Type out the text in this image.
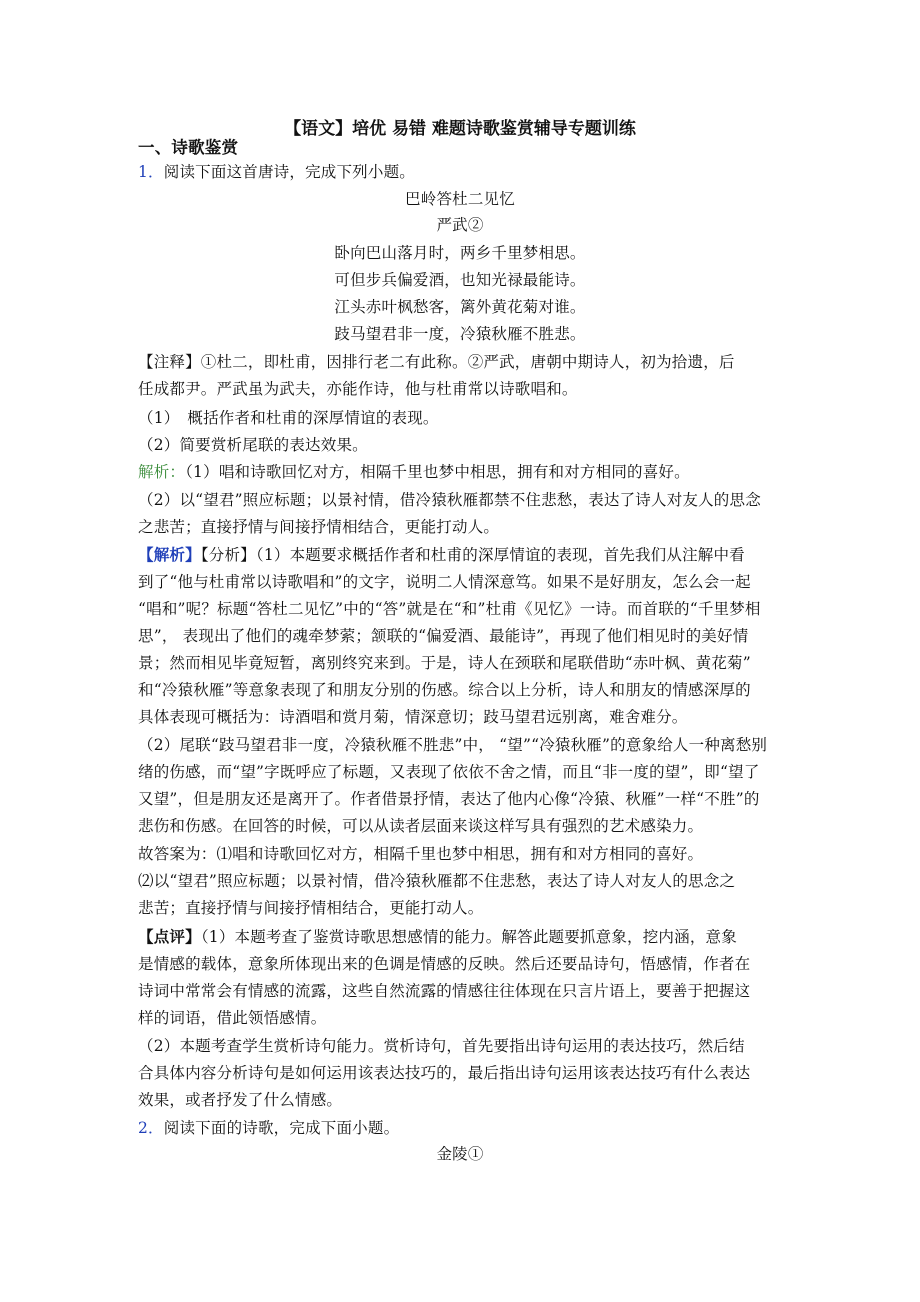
【语文】培优 易错 难题诗歌鉴赏辅导专题训练
一、诗歌鉴赏
1．阅读下面这首唐诗，完成下列小题。
巴岭答杜二见忆
严武②
卧向巴山落月时，两乡千里梦相思。
可但步兵偏爱酒，也知光禄最能诗。
江头赤叶枫愁客，篱外黄花菊对谁。
跂马望君非一度，冷猿秋雁不胜悲。
【注释】①杜二，即杜甫，因排行老二有此称。②严武，唐朝中期诗人，初为拾遗，后
任成都尹。严武虽为武夫，亦能作诗，他与杜甫常以诗歌唱和。
（1）　概括作者和杜甫的深厚情谊的表现。
（2）简要赏析尾联的表达效果。
解析：（1）唱和诗歌回忆对方，相隔千里也梦中相思，拥有和对方相同的喜好。
（2）以“望君”照应标题；以景衬情，借冷猿秋雁都禁不住悲愁，表达了诗人对友人的思念
之悲苦；直接抒情与间接抒情相结合，更能打动人。
【解析】【分析】（1）本题要求概括作者和杜甫的深厚情谊的表现，首先我们从注解中看
到了“他与杜甫常以诗歌唱和”的文字，说明二人情深意笃。如果不是好朋友，怎么会一起
“唱和”呢？标题“答杜二见忆”中的“答”就是在“和”杜甫《见忆》一诗。而首联的“千里梦相
思”， 表现出了他们的魂牵梦萦；颔联的“偏爱酒、最能诗”，再现了他们相见时的美好情
景；然而相见毕竟短暂，离别终究来到。于是，诗人在颈联和尾联借助“赤叶枫、黄花菊”
和“冷猿秋雁”等意象表现了和朋友分别的伤感。综合以上分析，诗人和朋友的情感深厚的
具体表现可概括为：诗酒唱和赏月菊，情深意切；跂马望君远别离，难舍难分。
（2）尾联“跂马望君非一度，冷猿秋雁不胜悲”中， “望”“冷猿秋雁”的意象给人一种离愁别
绪的伤感，而“望”字既呼应了标题，又表现了依依不舍之情，而且“非一度的望”，即“望了
又望”，但是朋友还是离开了。作者借景抒情，表达了他内心像“冷猿、秋雁”一样“不胜”的
悲伤和伤感。在回答的时候，可以从读者层面来谈这样写具有强烈的艺术感染力。
故答案为：⑴唱和诗歌回忆对方，相隔千里也梦中相思，拥有和对方相同的喜好。
⑵以“望君”照应标题；以景衬情，借冷猿秋雁都不住悲愁，表达了诗人对友人的思念之
悲苦；直接抒情与间接抒情相结合，更能打动人。
【点评】（1）本题考查了鉴赏诗歌思想感情的能力。解答此题要抓意象，挖内涵，意象
是情感的载体，意象所体现出来的色调是情感的反映。然后还要品诗句，悟感情，作者在
诗词中常常会有情感的流露，这些自然流露的情感往往体现在只言片语上，要善于把握这
样的词语，借此领悟感情。
（2）本题考查学生赏析诗句能力。赏析诗句，首先要指出诗句运用的表达技巧，然后结
合具体内容分析诗句是如何运用该表达技巧的，最后指出诗句运用该表达技巧有什么表达
效果，或者抒发了什么情感。
2．阅读下面的诗歌，完成下面小题。
金陵①
